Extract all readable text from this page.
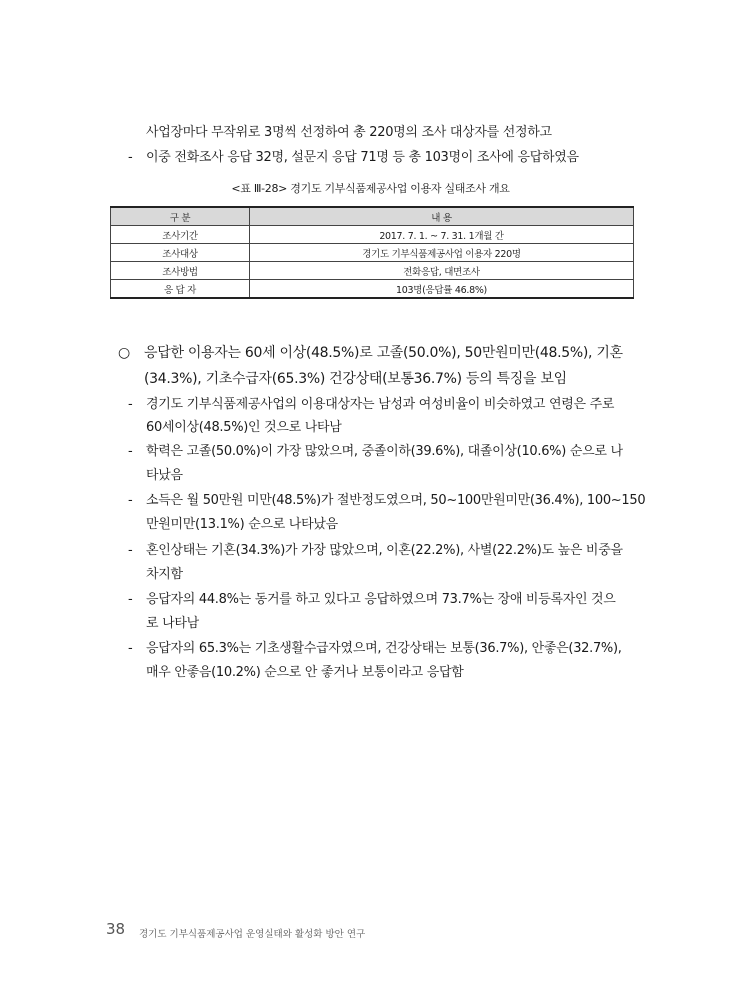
사업장마다 무작위로 3명씩 선정하여 총 220명의 조사 대상자를 선정하고
- 이중 전화조사 응답 32명, 설문지 응답 71명 등 총 103명이 조사에 응답하였음
<표 Ⅲ-28> 경기도 기부식품제공사업 이용자 실태조사 개요
구 분	내 용
조사기간	2017. 7. 1. ~ 7. 31. 1개월 간
조사대상	경기도 기부식품제공사업 이용자 220명
조사방법	전화응답, 대면조사
응 답 자	103명(응답률 46.8%)
○ 응답한 이용자는 60세 이상(48.5%)로 고졸(50.0%), 50만원미만(48.5%), 기혼
(34.3%), 기초수급자(65.3%) 건강상태(보통36.7%) 등의 특징을 보임
- 경기도 기부식품제공사업의 이용대상자는 남성과 여성비율이 비슷하였고 연령은 주로
60세이상(48.5%)인 것으로 나타남
- 학력은 고졸(50.0%)이 가장 많았으며, 중졸이하(39.6%), 대졸이상(10.6%) 순으로 나
타났음
- 소득은 월 50만원 미만(48.5%)가 절반정도였으며, 50~100만원미만(36.4%), 100~150
만원미만(13.1%) 순으로 나타났음
- 혼인상태는 기혼(34.3%)가 가장 많았으며, 이혼(22.2%), 사별(22.2%)도 높은 비중을
차지함
- 응답자의 44.8%는 동거를 하고 있다고 응답하였으며 73.7%는 장애 비등록자인 것으
로 나타남
- 응답자의 65.3%는 기초생활수급자였으며, 건강상태는 보통(36.7%), 안좋은(32.7%),
매우 안좋음(10.2%) 순으로 안 좋거나 보통이라고 응답함
38 경기도 기부식품제공사업 운영실태와 활성화 방안 연구
